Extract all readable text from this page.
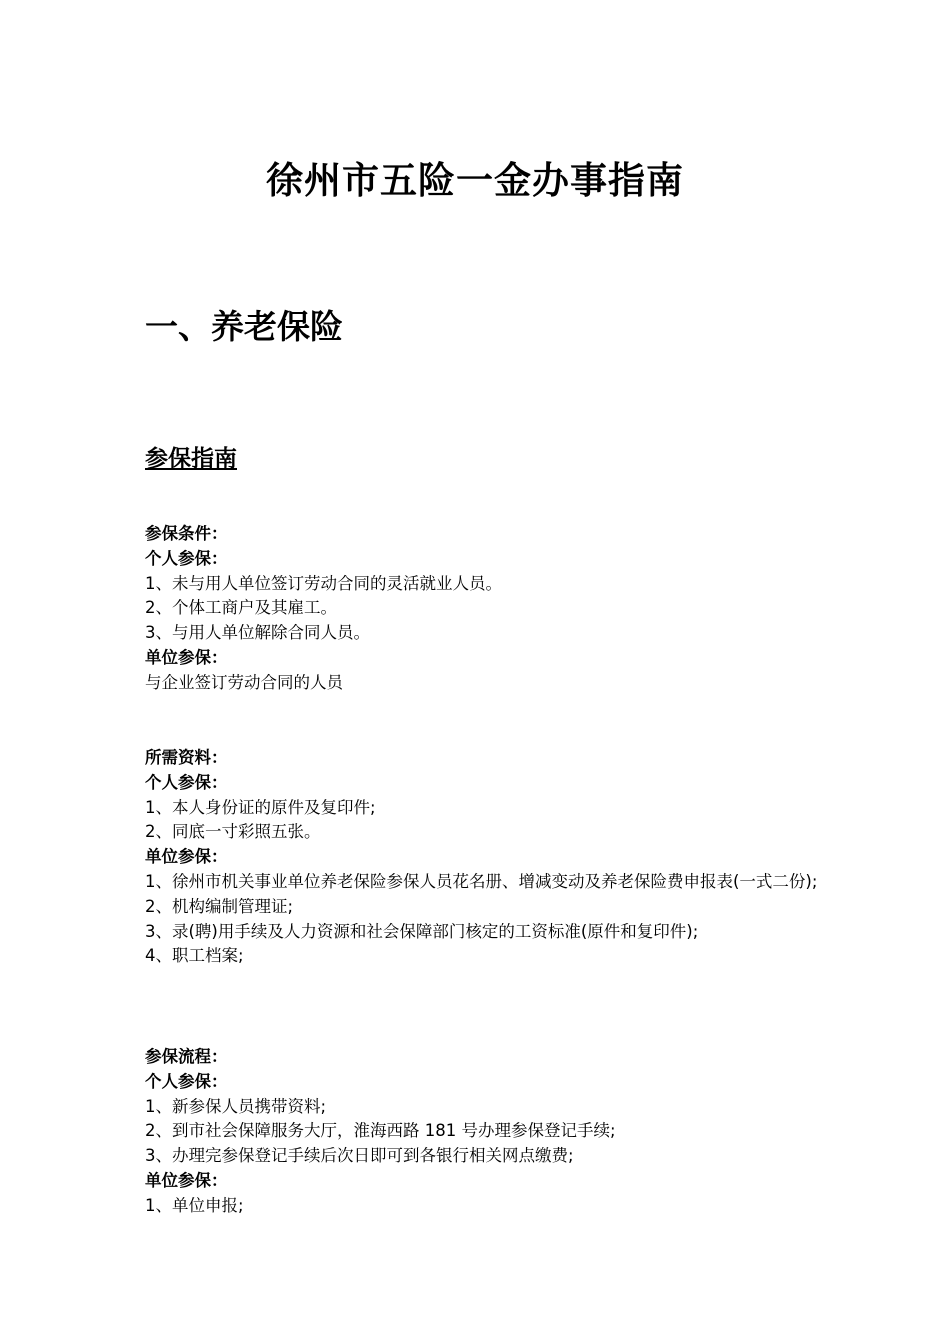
徐州市五险一金办事指南
一、养老保险
参保指南

参保条件：

个人参保：

1、未与用人单位签订劳动合同的灵活就业人员。

2、个体工商户及其雇工。

3、与用人单位解除合同人员。

单位参保：

与企业签订劳动合同的人员

所需资料：

个人参保：

1、本人身份证的原件及复印件;

2、同底一寸彩照五张。

单位参保：

1、徐州市机关事业单位养老保险参保人员花名册、增减变动及养老保险费申报表(一式二份);

2、机构编制管理证;

3、录(聘)用手续及人力资源和社会保障部门核定的工资标准(原件和复印件);

4、职工档案;

参保流程：

个人参保：

1、新参保人员携带资料;

2、到市社会保障服务大厅，淮海西路 181 号办理参保登记手续;

3、办理完参保登记手续后次日即可到各银行相关网点缴费;

单位参保：

1、单位申报;
